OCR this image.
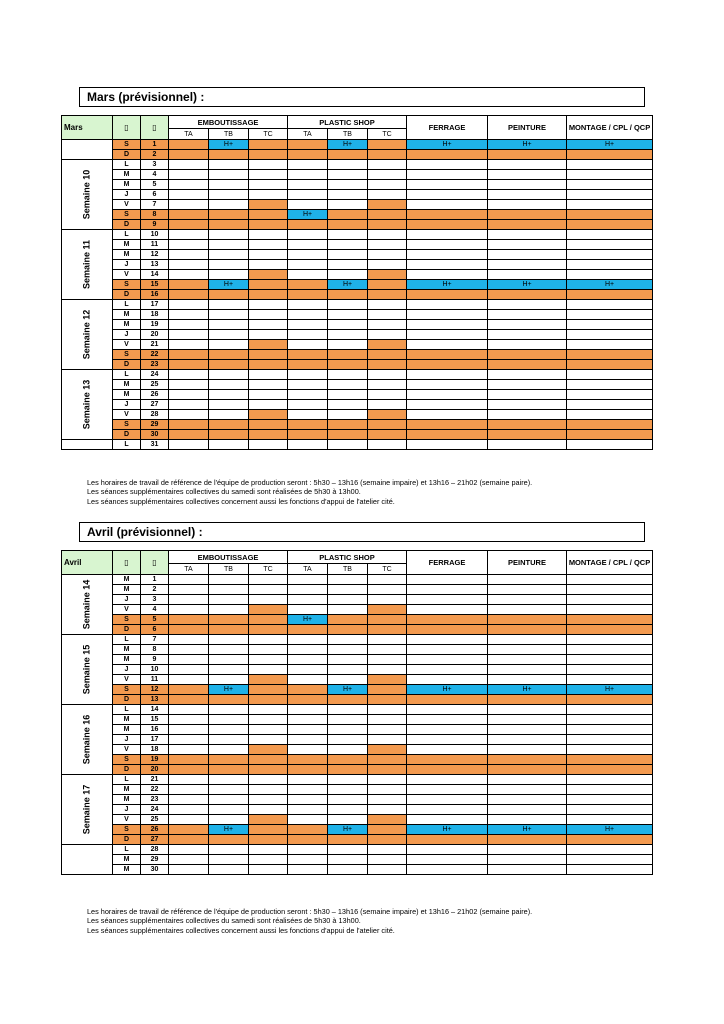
Mars (prévisionnel) :
Mars	▯	▯	EMBOUTISSAGE			PLASTIC SHOP			FERRAGE	PEINTURE	MONTAGE / CPL / QCP
			TA	TB	TC	TA	TB	TC			

	S	1		H+			H+		H+	H+	H+
	D	2									

Semaine 10	L	3									
	M	4									
	M	5									
	J	6									
	V	7									
	S	8				H+					
	D	9									

Semaine 11	L	10									
	M	11									
	M	12									
	J	13									
	V	14									
	S	15		H+			H+		H+	H+	H+
	D	16									

Semaine 12	L	17									
	M	18									
	M	19									
	J	20									
	V	21									
	S	22									
	D	23									

Semaine 13	L	24									
	M	25									
	M	26									
	J	27									
	V	28									
	S	29									
	D	30									

	L	31									
Les horaires de travail de référence de l'équipe de production seront : 5h30 – 13h16 (semaine impaire) et 13h16 – 21h02 (semaine paire).
Les séances supplémentaires collectives du samedi sont réalisées de 5h30 à 13h00.
Les séances supplémentaires collectives concernent aussi les fonctions d'appui de l'atelier cité.
Avril (prévisionnel) :
Avril	▯	▯	EMBOUTISSAGE			PLASTIC SHOP			FERRAGE	PEINTURE	MONTAGE / CPL / QCP
			TA	TB	TC	TA	TB	TC			

Semaine 14	M	1									
	M	2									
	J	3									
	V	4									
	S	5				H+					
	D	6									

Semaine 15	L	7									
	M	8									
	M	9									
	J	10									
	V	11									
	S	12		H+			H+		H+	H+	H+
	D	13									

Semaine 16	L	14									
	M	15									
	M	16									
	J	17									
	V	18									
	S	19									
	D	20									

Semaine 17	L	21									
	M	22									
	M	23									
	J	24									
	V	25									
	S	26		H+			H+		H+	H+	H+
	D	27									

	L	28									
	M	29									
	M	30									
Les horaires de travail de référence de l'équipe de production seront : 5h30 – 13h16 (semaine impaire) et 13h16 – 21h02 (semaine paire).
Les séances supplémentaires collectives du samedi sont réalisées de 5h30 à 13h00.
Les séances supplémentaires collectives concernent aussi les fonctions d'appui de l'atelier cité.
